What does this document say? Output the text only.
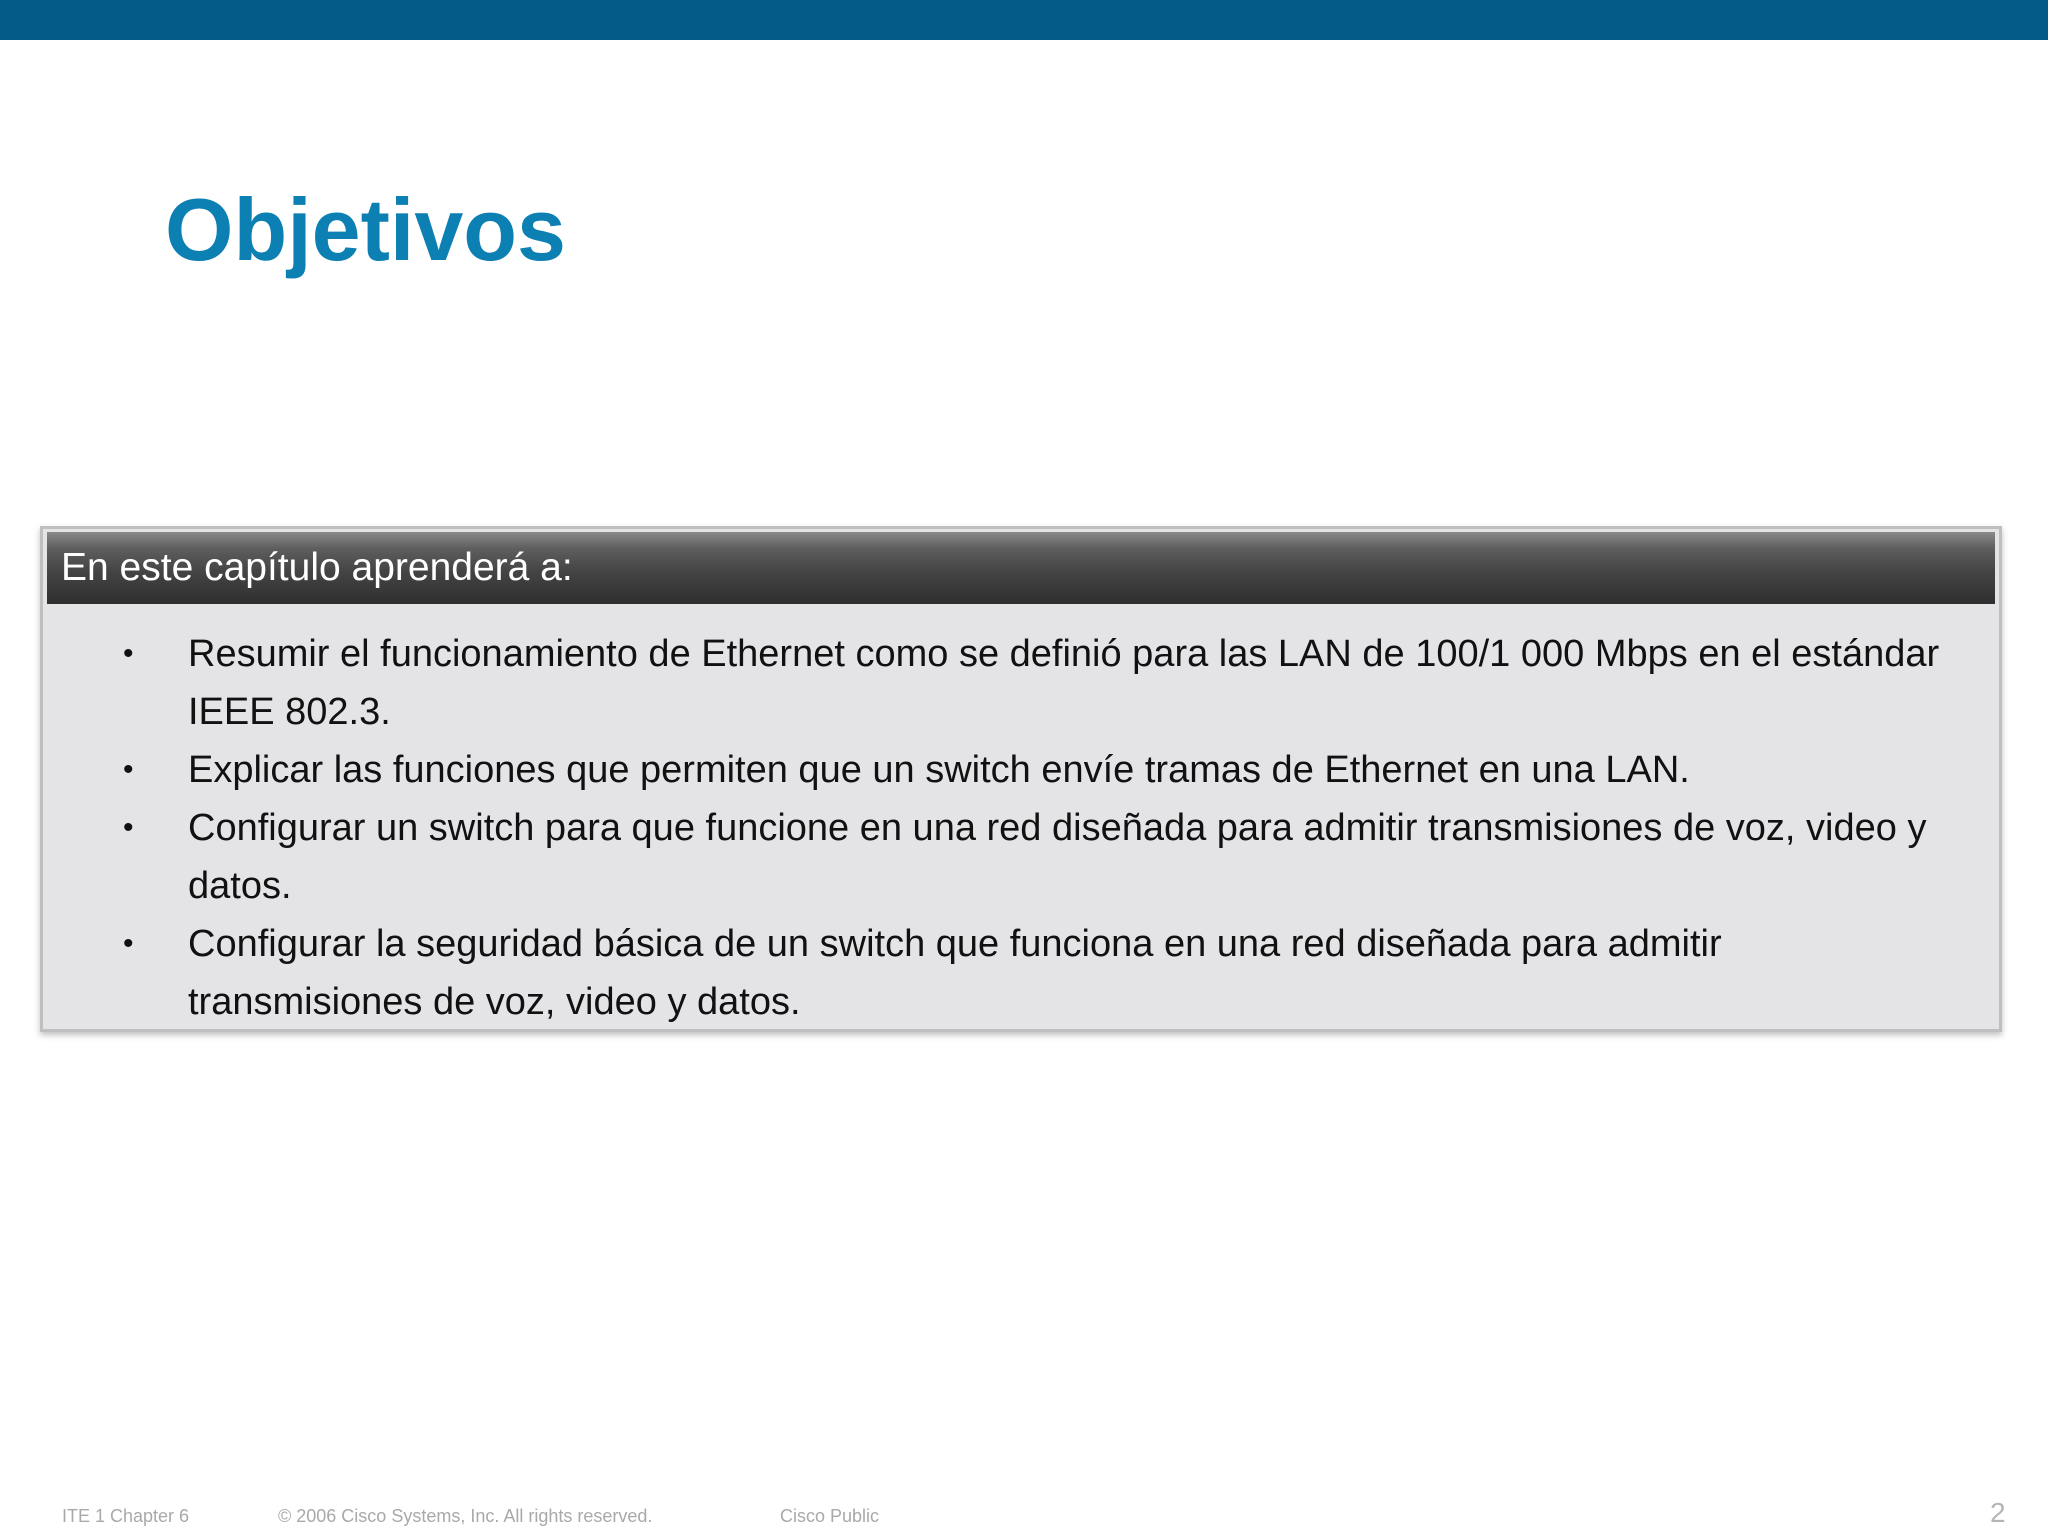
Objetivos
En este capítulo aprenderá a:
• Resumir el funcionamiento de Ethernet como se definió para las LAN de 100/1 000 Mbps en el estándar IEEE 802.3.
• Explicar las funciones que permiten que un switch envíe tramas de Ethernet en una LAN.
• Configurar un switch para que funcione en una red diseñada para admitir transmisiones de voz, video y datos.
• Configurar la seguridad básica de un switch que funciona en una red diseñada para admitir transmisiones de voz, video y datos.
ITE 1 Chapter 6	© 2006 Cisco Systems, Inc. All rights reserved.	Cisco Public	2
